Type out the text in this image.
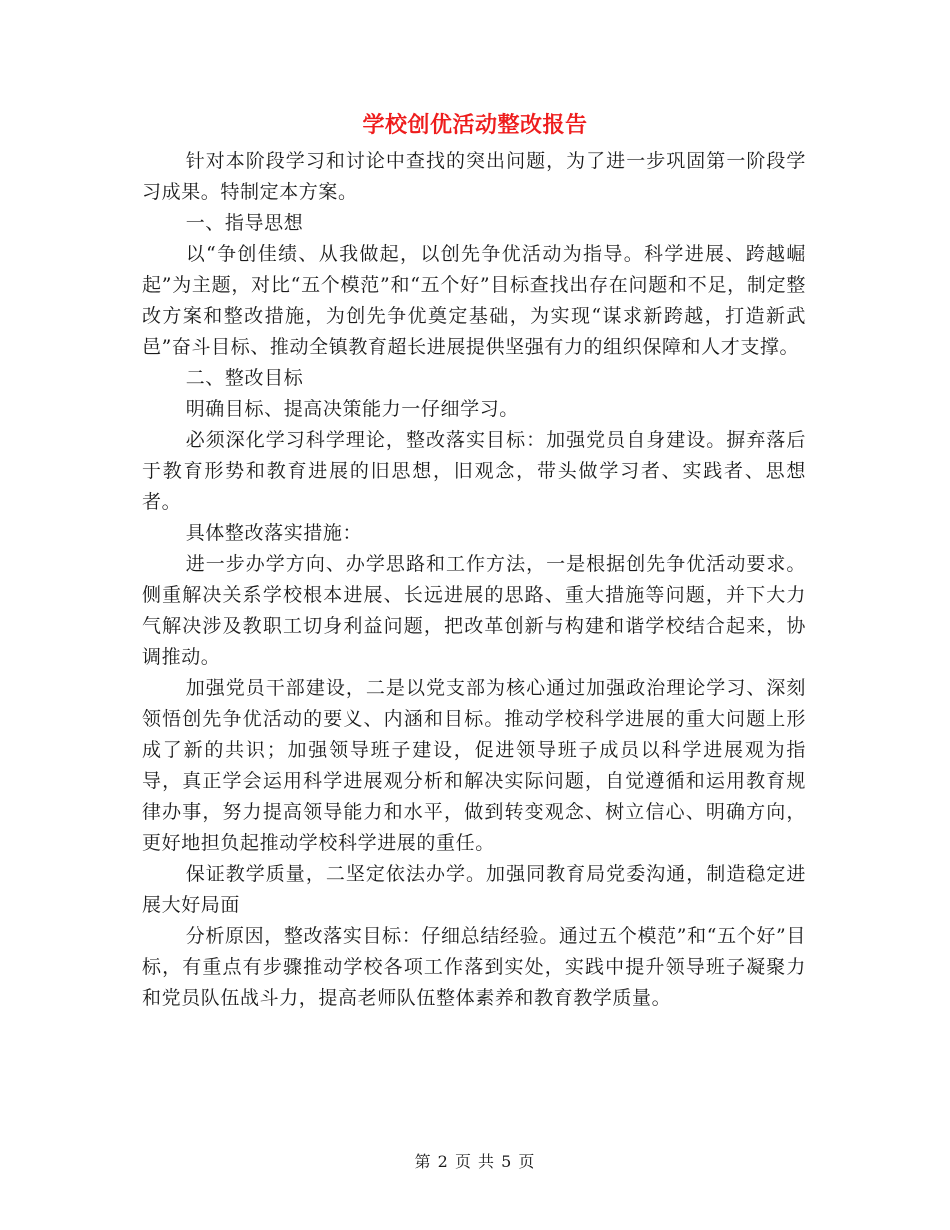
学校创优活动整改报告

针对本阶段学习和讨论中查找的突出问题，为了进一步巩固第一阶段学习成果。特制定本方案。

一、指导思想

以“争创佳绩、从我做起，以创先争优活动为指导。科学进展、跨越崛起”为主题，对比“五个模范”和“五个好”目标查找出存在问题和不足，制定整改方案和整改措施，为创先争优奠定基础，为实现“谋求新跨越，打造新武邑”奋斗目标、推动全镇教育超长进展提供坚强有力的组织保障和人才支撑。

二、整改目标

明确目标、提高决策能力一仔细学习。

必须深化学习科学理论，整改落实目标：加强党员自身建设。摒弃落后于教育形势和教育进展的旧思想，旧观念，带头做学习者、实践者、思想者。

具体整改落实措施：

进一步办学方向、办学思路和工作方法，一是根据创先争优活动要求。侧重解决关系学校根本进展、长远进展的思路、重大措施等问题，并下大力气解决涉及教职工切身利益问题，把改革创新与构建和谐学校结合起来，协调推动。

加强党员干部建设，二是以党支部为核心通过加强政治理论学习、深刻领悟创先争优活动的要义、内涵和目标。推动学校科学进展的重大问题上形成了新的共识；加强领导班子建设，促进领导班子成员以科学进展观为指导，真正学会运用科学进展观分析和解决实际问题，自觉遵循和运用教育规律办事，努力提高领导能力和水平，做到转变观念、树立信心、明确方向，更好地担负起推动学校科学进展的重任。

保证教学质量，二坚定依法办学。加强同教育局党委沟通，制造稳定进展大好局面

分析原因，整改落实目标：仔细总结经验。通过五个模范”和“五个好”目标，有重点有步骤推动学校各项工作落到实处，实践中提升领导班子凝聚力和党员队伍战斗力，提高老师队伍整体素养和教育教学质量。

第 2 页 共 5 页
